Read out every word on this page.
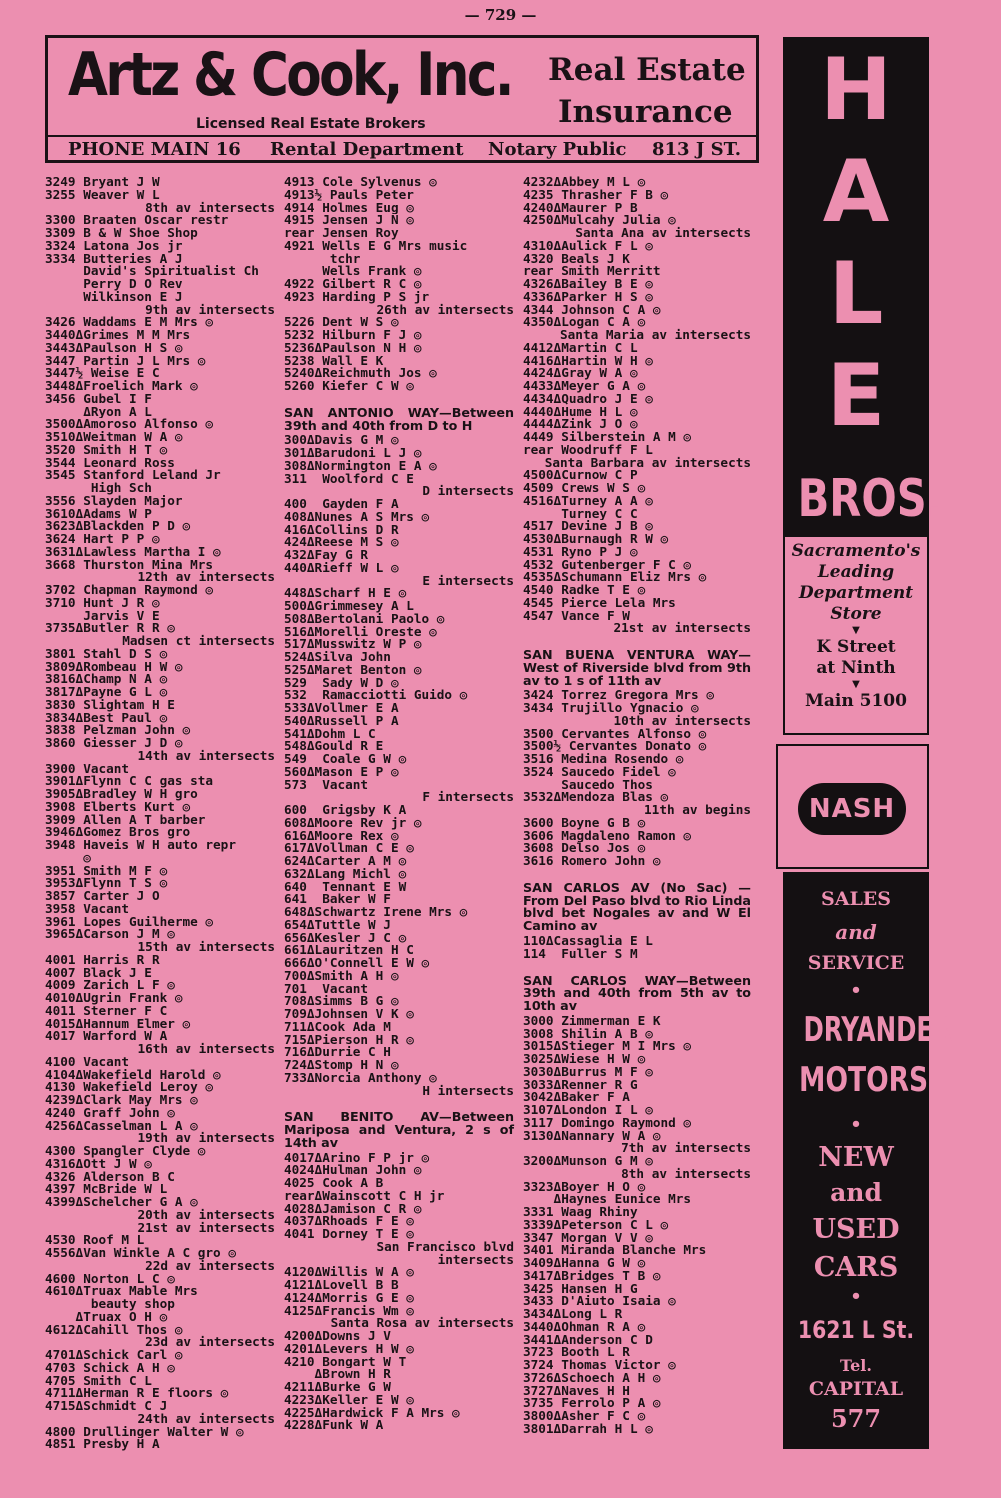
— 729 —
Artz & Cook, Inc. Real Estate
Insurance
Licensed Real Estate Brokers
PHONE MAIN 16 Rental Department Notary Public 813 J ST.
3249 Bryant J W
3255 Weaver W L
8th av intersects
3300 Braaten Oscar restr
3309 B & W Shoe Shop
3324 Latona Jos jr
3334 Butteries A J
David's Spiritualist Ch
Perry D O Rev
Wilkinson E J
9th av intersects
3426 Waddams E M Mrs ◎
3440ΔGrimes M M Mrs
3443ΔPaulson H S ◎
3447 Partin J L Mrs ◎
3447½ Weise E C
3448ΔFroelich Mark ◎
3456 Gubel I F
ΔRyon A L
3500ΔAmoroso Alfonso ◎
3510ΔWeitman W A ◎
3520 Smith H T ◎
3544 Leonard Ross
3545 Stanford Leland Jr
High Sch
3556 Slayden Major
3610ΔAdams W P
3623ΔBlackden P D ◎
3624 Hart P P ◎
3631ΔLawless Martha I ◎
3668 Thurston Mina Mrs
12th av intersects
3702 Chapman Raymond ◎
3710 Hunt J R ◎
Jarvis V E
3735ΔButler R R ◎
Madsen ct intersects
3801 Stahl D S ◎
3809ΔRombeau H W ◎
3816ΔChamp N A ◎
3817ΔPayne G L ◎
3830 Slightam H E
3834ΔBest Paul ◎
3838 Pelzman John ◎
3860 Giesser J D ◎
14th av intersects
3900 Vacant
3901ΔFlynn C C gas sta
3905ΔBradley W H gro
3908 Elberts Kurt ◎
3909 Allen A T barber
3946ΔGomez Bros gro
3948 Haveis W H auto repr
◎
3951 Smith M F ◎
3953ΔFlynn T S ◎
3857 Carter J O
3958 Vacant
3961 Lopes Guilherme ◎
3965ΔCarson J M ◎
15th av intersects
4001 Harris R R
4007 Black J E
4009 Zarich L F ◎
4010ΔUgrin Frank ◎
4011 Sterner F C
4015ΔHannum Elmer ◎
4017 Warford W A
16th av intersects
4100 Vacant
4104ΔWakefield Harold ◎
4130 Wakefield Leroy ◎
4239ΔClark May Mrs ◎
4240 Graff John ◎
4256ΔCasselman L A ◎
19th av intersects
4300 Spangler Clyde ◎
4316ΔOtt J W ◎
4326 Alderson B C
4397 McBride W L
4399ΔSchelcher G A ◎
20th av intersects
21st av intersects
4530 Roof M L
4556ΔVan Winkle A C gro ◎
22d av intersects
4600 Norton L C ◎
4610ΔTruax Mable Mrs
beauty shop
ΔTruax O H ◎
4612ΔCahill Thos ◎
23d av intersects
4701ΔSchick Carl ◎
4703 Schick A H ◎
4705 Smith C L
4711ΔHerman R E floors ◎
4715ΔSchmidt C J
24th av intersects
4800 Drullinger Walter W ◎
4851 Presby H A
4913 Cole Sylvenus ◎
4913½ Pauls Peter
4914 Holmes Eug ◎
4915 Jensen J N ◎
rear Jensen Roy
4921 Wells E G Mrs music
tchr
Wells Frank ◎
4922 Gilbert R C ◎
4923 Harding P S jr
26th av intersects
5226 Dent W S ◎
5232 Hilburn F J ◎
5236ΔPaulson N H ◎
5238 Wall E K
5240ΔReichmuth Jos ◎
5260 Kiefer C W ◎
SAN ANTONIO WAY—Between 39th and 40th from D to H
300ΔDavis G M ◎
301ΔBarudoni L J ◎
308ΔNormington E A ◎
311  Woolford C E
D intersects
400  Gayden F A
408ΔNunes A S Mrs ◎
416ΔCollins D R
424ΔReese M S ◎
432ΔFay G R
440ΔRieff W L ◎
E intersects
448ΔScharf H E ◎
500ΔGrimmesey A L
508ΔBertolani Paolo ◎
516ΔMorelli Oreste ◎
517ΔMusswitz W P ◎
524ΔSilva John
525ΔMaret Benton ◎
529  Sady W D ◎
532  Ramacciotti Guido ◎
533ΔVollmer E A
540ΔRussell P A
541ΔDohm L C
548ΔGould R E
549  Coale G W ◎
560ΔMason E P ◎
573  Vacant
F intersects
600  Grigsby K A
608ΔMoore Rev jr ◎
616ΔMoore Rex ◎
617ΔVollman C E ◎
624ΔCarter A M ◎
632ΔLang Michl ◎
640  Tennant E W
641  Baker W F
648ΔSchwartz Irene Mrs ◎
654ΔTuttle W J
656ΔKesler J C ◎
661ΔLauritzen H C
666ΔO'Connell E W ◎
700ΔSmith A H ◎
701  Vacant
708ΔSimms B G ◎
709ΔJohnsen V K ◎
711ΔCook Ada M
715ΔPierson H R ◎
716ΔDurrie C H
724ΔStomp H N ◎
733ΔNorcia Anthony ◎
H intersects
SAN BENITO AV—Between Mariposa and Ventura, 2 s of 14th av
4017ΔArino F P jr ◎
4024ΔHulman John ◎
4025 Cook A B
rearΔWainscott C H jr
4028ΔJamison C R ◎
4037ΔRhoads F E ◎
4041 Dorney T E ◎
San Francisco blvd
intersects
4120ΔWillis W A ◎
4121ΔLovell B B
4124ΔMorris G E ◎
4125ΔFrancis Wm ◎
Santa Rosa av intersects
4200ΔDowns J V
4201ΔLevers H W ◎
4210 Bongart W T
ΔBrown H R
4211ΔBurke G W
4223ΔKeller E W ◎
4225ΔHardwick F A Mrs ◎
4228ΔFunk W A
4232ΔAbbey M L ◎
4235 Thrasher F B ◎
4240ΔMaurer P B
4250ΔMulcahy Julia ◎
Santa Ana av intersects
4310ΔAulick F L ◎
4320 Beals J K
rear Smith Merritt
4326ΔBailey B E ◎
4336ΔParker H S ◎
4344 Johnson C A ◎
4350ΔLogan C A ◎
Santa Maria av intersects
4412ΔMartin C L
4416ΔHartin W H ◎
4424ΔGray W A ◎
4433ΔMeyer G A ◎
4434ΔQuadro J E ◎
4440ΔHume H L ◎
4444ΔZink J O ◎
4449 Silberstein A M ◎
rear Woodruff F L
Santa Barbara av intersects
4500ΔCurnow C P
4509 Crews W S ◎
4516ΔTurney A A ◎
Turney C C
4517 Devine J B ◎
4530ΔBurnaugh R W ◎
4531 Ryno P J ◎
4532 Gutenberger F C ◎
4535ΔSchumann Eliz Mrs ◎
4540 Radke T E ◎
4545 Pierce Lela Mrs
4547 Vance F W
21st av intersects
SAN BUENA VENTURA WAY—West of Riverside blvd from 9th av to 1 s of 11th av
3424 Torrez Gregora Mrs ◎
3434 Trujillo Ygnacio ◎
10th av intersects
3500 Cervantes Alfonso ◎
3500½ Cervantes Donato ◎
3516 Medina Rosendo ◎
3524 Saucedo Fidel ◎
Saucedo Thos
3532ΔMendoza Blas ◎
11th av begins
3600 Boyne G B ◎
3606 Magdaleno Ramon ◎
3608 Delso Jos ◎
3616 Romero John ◎
SAN CARLOS AV (No Sac) —From Del Paso blvd to Rio Linda blvd bet Nogales av and W El Camino av
110ΔCassaglia E L
114  Fuller S M
SAN CARLOS WAY—Between 39th and 40th from 5th av to 10th av
3000 Zimmerman E K
3008 Shilin A B ◎
3015ΔStieger M I Mrs ◎
3025ΔWiese H W ◎
3030ΔBurrus M F ◎
3033ΔRenner R G
3042ΔBaker F A
3107ΔLondon I L ◎
3117 Domingo Raymond ◎
3130ΔNannary W A ◎
7th av intersects
3200ΔMunson G M ◎
8th av intersects
3323ΔBoyer H O ◎
ΔHaynes Eunice Mrs
3331 Waag Rhiny
3339ΔPeterson C L ◎
3347 Morgan V V ◎
3401 Miranda Blanche Mrs
3409ΔHanna G W ◎
3417ΔBridges T B ◎
3425 Hansen H G
3433 D'Aiuto Isaia ◎
3434ΔLong L R
3440ΔOhman R A ◎
3441ΔAnderson C D
3723 Booth L R
3724 Thomas Victor ◎
3726ΔSchoech A H ◎
3727ΔNaves H H
3735 Ferrolo P A ◎
3800ΔAsher F C ◎
3801ΔDarrah H L ◎
H
A
L
E
BROS.
Sacramento's
Leading
Department
Store
▼
K Street
at Ninth
▼
Main 5100
NASH
SALES
and
SERVICE
•
DRYANDER
MOTORS
•
NEW
and
USED
CARS
•
1621 L St.
Tel.
CAPITAL
577
